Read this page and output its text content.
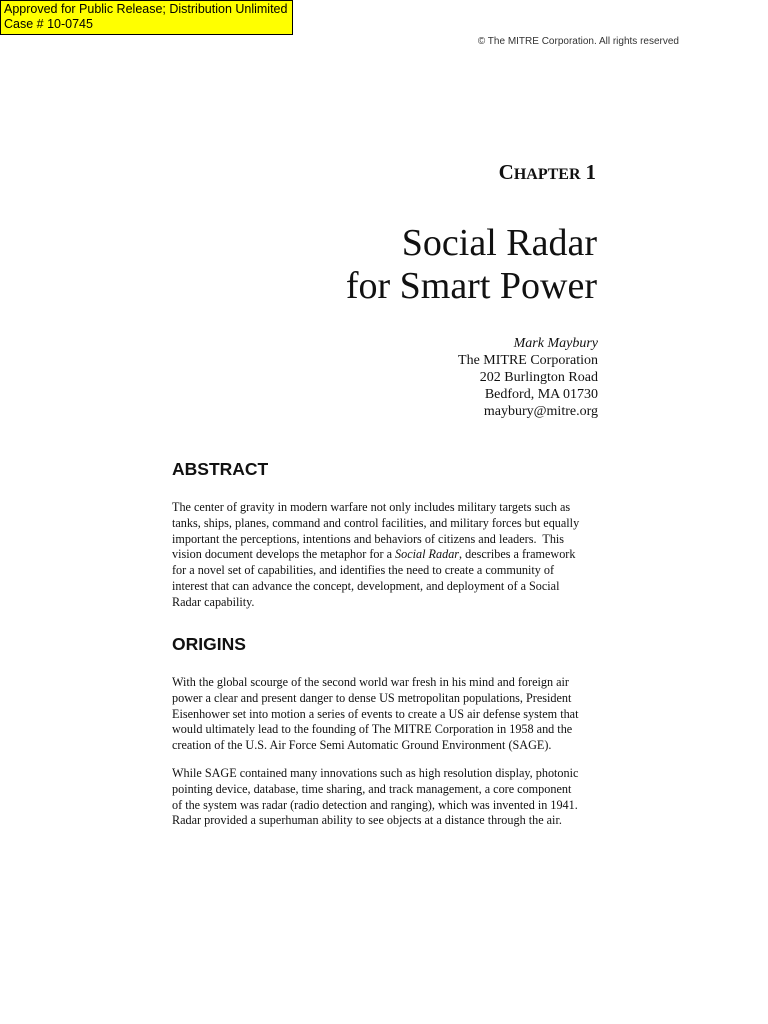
Approved for Public Release; Distribution Unlimited
Case # 10-0745
© The MITRE Corporation. All rights reserved
CHAPTER 1
Social Radar
for Smart Power
Mark Maybury
The MITRE Corporation
202 Burlington Road
Bedford, MA 01730
maybury@mitre.org
ABSTRACT
The center of gravity in modern warfare not only includes military targets such as
tanks, ships, planes, command and control facilities, and military forces but equally
important the perceptions, intentions and behaviors of citizens and leaders.  This
vision document develops the metaphor for a Social Radar, describes a framework
for a novel set of capabilities, and identifies the need to create a community of
interest that can advance the concept, development, and deployment of a Social
Radar capability.
ORIGINS
With the global scourge of the second world war fresh in his mind and foreign air
power a clear and present danger to dense US metropolitan populations, President
Eisenhower set into motion a series of events to create a US air defense system that
would ultimately lead to the founding of The MITRE Corporation in 1958 and the
creation of the U.S. Air Force Semi Automatic Ground Environment (SAGE).
While SAGE contained many innovations such as high resolution display, photonic
pointing device, database, time sharing, and track management, a core component
of the system was radar (radio detection and ranging), which was invented in 1941.
Radar provided a superhuman ability to see objects at a distance through the air.
